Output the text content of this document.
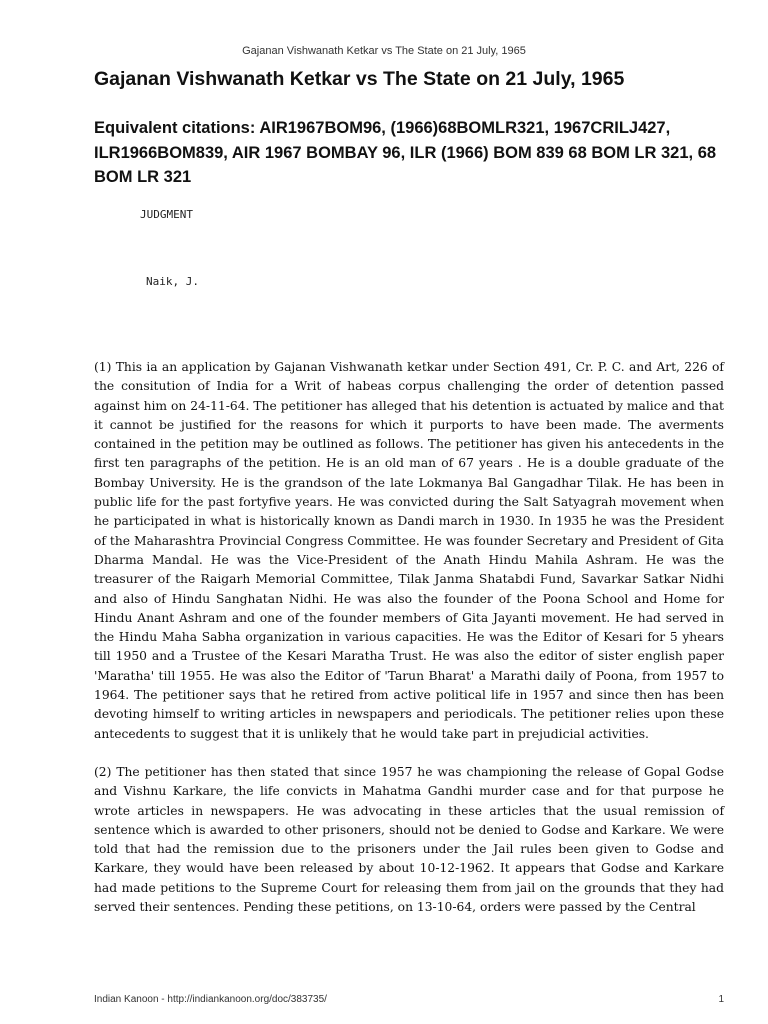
Gajanan Vishwanath Ketkar vs The State on 21 July, 1965
Gajanan Vishwanath Ketkar vs The State on 21 July, 1965
Equivalent citations: AIR1967BOM96, (1966)68BOMLR321, 1967CRILJ427, ILR1966BOM839, AIR 1967 BOMBAY 96, ILR (1966) BOM 839 68 BOM LR 321, 68 BOM LR 321
JUDGMENT
Naik, J.

(1) This ia an application by Gajanan Vishwanath ketkar under Section 491, Cr. P. C. and Art, 226 of the consitution of India for a Writ of habeas corpus challenging the order of detention passed against him on 24-11-64. The petitioner has alleged that his detention is actuated by malice and that it cannot be justified for the reasons for which it purports to have been made. The averments contained in the petition may be outlined as follows. The petitioner has given his antecedents in the first ten paragraphs of the petition. He is an old man of 67 years . He is a double graduate of the Bombay University. He is the grandson of the late Lokmanya Bal Gangadhar Tilak. He has been in public life for the past fortyfive years. He was convicted during the Salt Satyagrah movement when he participated in what is historically known as Dandi march in 1930. In 1935 he was the President of the Maharashtra Provincial Congress Committee. He was founder Secretary and President of Gita Dharma Mandal. He was the Vice-President of the Anath Hindu Mahila Ashram. He was the treasurer of the Raigarh Memorial Committee, Tilak Janma Shatabdi Fund, Savarkar Satkar Nidhi and also of Hindu Sanghatan Nidhi. He was also the founder of the Poona School and Home for Hindu Anant Ashram and one of the founder members of Gita Jayanti movement. He had served in the Hindu Maha Sabha organization in various capacities. He was the Editor of Kesari for 5 yhears till 1950 and a Trustee of the Kesari Maratha Trust. He was also the editor of sister english paper 'Maratha' till 1955. He was also the Editor of 'Tarun Bharat' a Marathi daily of Poona, from 1957 to 1964. The petitioner says that he retired from active political life in 1957 and since then has been devoting himself to writing articles in newspapers and periodicals. The petitioner relies upon these antecedents to suggest that it is unlikely that he would take part in prejudicial activities.

(2) The petitioner has then stated that since 1957 he was championing the release of Gopal Godse and Vishnu Karkare, the life convicts in Mahatma Gandhi murder case and for that purpose he wrote articles in newspapers. He was advocating in these articles that the usual remission of sentence which is awarded to other prisoners, should not be denied to Godse and Karkare. We were told that had the remission due to the prisoners under the Jail rules been given to Godse and Karkare, they would have been released by about 10-12-1962. It appears that Godse and Karkare had made petitions to the Supreme Court for releasing them from jail on the grounds that they had served their sentences. Pending these petitions, on 13-10-64, orders were passed by the Central

Indian Kanoon - http://indiankanoon.org/doc/383735/	1
